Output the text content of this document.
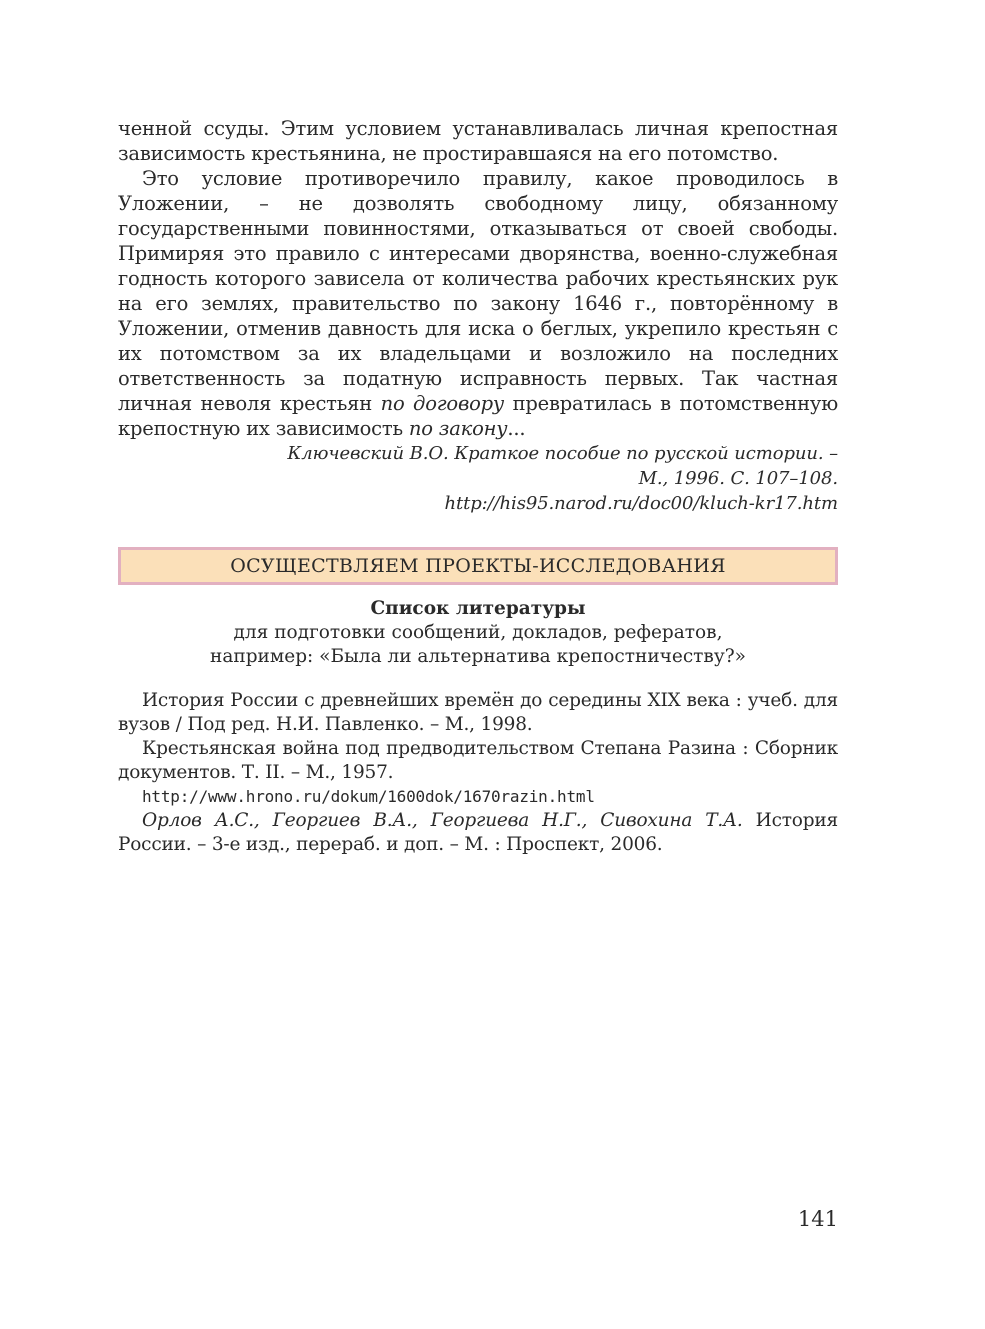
ченной ссуды. Этим условием устанавливалась личная крепостная зависимость крестьянина, не простиравшаяся на его потомство.

Это условие противоречило правилу, какое проводилось в Уложении, – не дозволять свободному лицу, обязанному государственными повинностями, отказываться от своей свободы. Примиряя это правило с интересами дворянства, военно-служебная годность которого зависела от количества рабочих крестьянских рук на его землях, правительство по закону 1646 г., повторённому в Уложении, отменив давность для иска о беглых, укрепило крестьян с их потомством за их владельцами и возложило на последних ответственность за податную исправность первых. Так частная личная неволя крестьян по договору превратилась в потомственную крепостную их зависимость по закону...

Ключевский В.О. Краткое пособие по русской истории. –
М., 1996. С. 107–108.
http://his95.narod.ru/doc00/kluch-kr17.htm
ОСУЩЕСТВЛЯЕМ ПРОЕКТЫ-ИССЛЕДОВАНИЯ
Список литературы
для подготовки сообщений, докладов, рефератов,
например: «Была ли альтернатива крепостничеству?»

История России с древнейших времён до середины XIX века : учеб. для вузов / Под ред. Н.И. Павленко. – М., 1998.

Крестьянская война под предводительством Степана Разина : Сборник документов. Т. II. – М., 1957.

http://www.hrono.ru/dokum/1600dok/1670razin.html

Орлов А.С., Георгиев В.А., Георгиева Н.Г., Сивохина Т.А. История России. – 3-е изд., перераб. и доп. – М. : Проспект, 2006.

141
